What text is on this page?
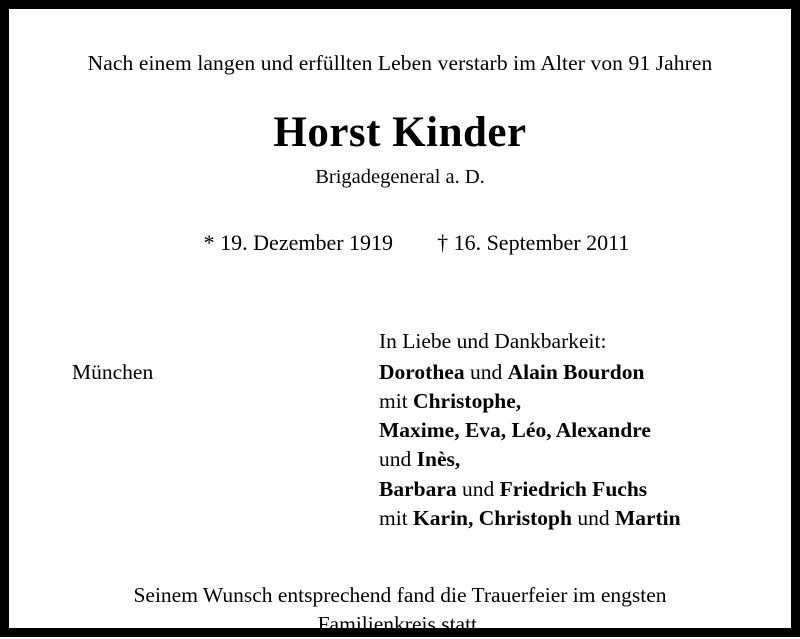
Nach einem langen und erfüllten Leben verstarb im Alter von 91 Jahren
Horst Kinder
Brigadegeneral a. D.

* 19. Dezember 1919 † 16. September 2011

München
In Liebe und Dankbarkeit:
Dorothea und Alain Bourdon
mit Christophe,
Maxime, Eva, Léo, Alexandre
und Inès,
Barbara und Friedrich Fuchs
mit Karin, Christoph und Martin
Seinem Wunsch entsprechend fand die Trauerfeier im engsten
Familienkreis statt.
